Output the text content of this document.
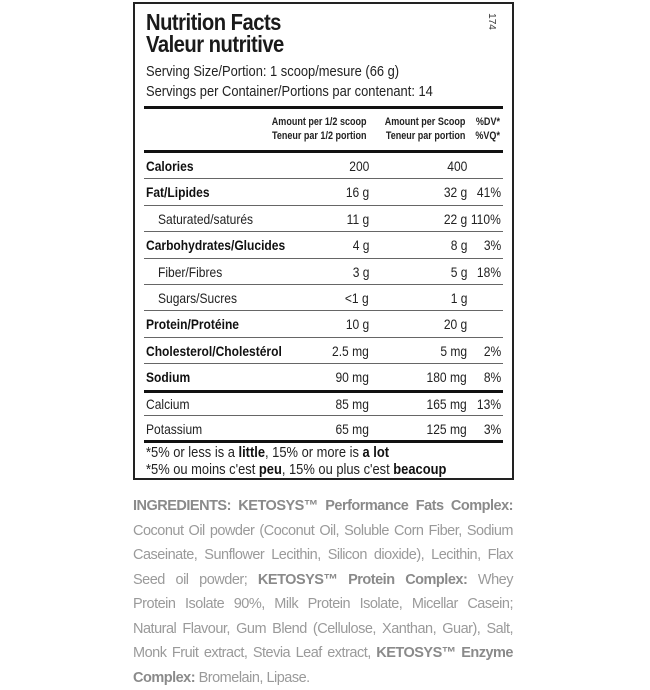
Nutrition Facts
Valeur nutritive
174
Serving Size/Portion: 1 scoop/mesure (66 g)
Servings per Container/Portions par contenant: 14
Amount per 1/2 scoop
Teneur par 1/2 portion
Amount per Scoop
Teneur par portion
%DV*
%VQ*
Calories	200	400
Fat/Lipides	16 g	32 g 41%
Saturated/saturés	11 g	22 g 110%
Carbohydrates/Glucides	4 g	8 g 3%
Fiber/Fibres	3 g	5 g 18%
Sugars/Sucres	<1 g	1 g
Protein/Protéine	10 g	20 g
Cholesterol/Cholestérol	2.5 mg	5 mg 2%
Sodium	90 mg	180 mg 8%
Calcium	85 mg	165 mg 13%
Potassium	65 mg	125 mg 3%
*5% or less is a little, 15% or more is a lot
*5% ou moins c'est peu, 15% ou plus c'est beacoup
INGREDIENTS: KETOSYS™ Performance Fats Complex: Coconut Oil powder (Coconut Oil, Soluble Corn Fiber, Sodium Caseinate, Sunflower Lecithin, Silicon dioxide), Lecithin, Flax Seed oil powder; KETOSYS™ Protein Complex: Whey Protein Isolate 90%, Milk Protein Isolate, Micellar Casein; Natural Flavour, Gum Blend (Cellulose, Xanthan, Guar), Salt, Monk Fruit extract, Stevia Leaf extract, KETOSYS™ Enzyme Complex: Bromelain, Lipase.
